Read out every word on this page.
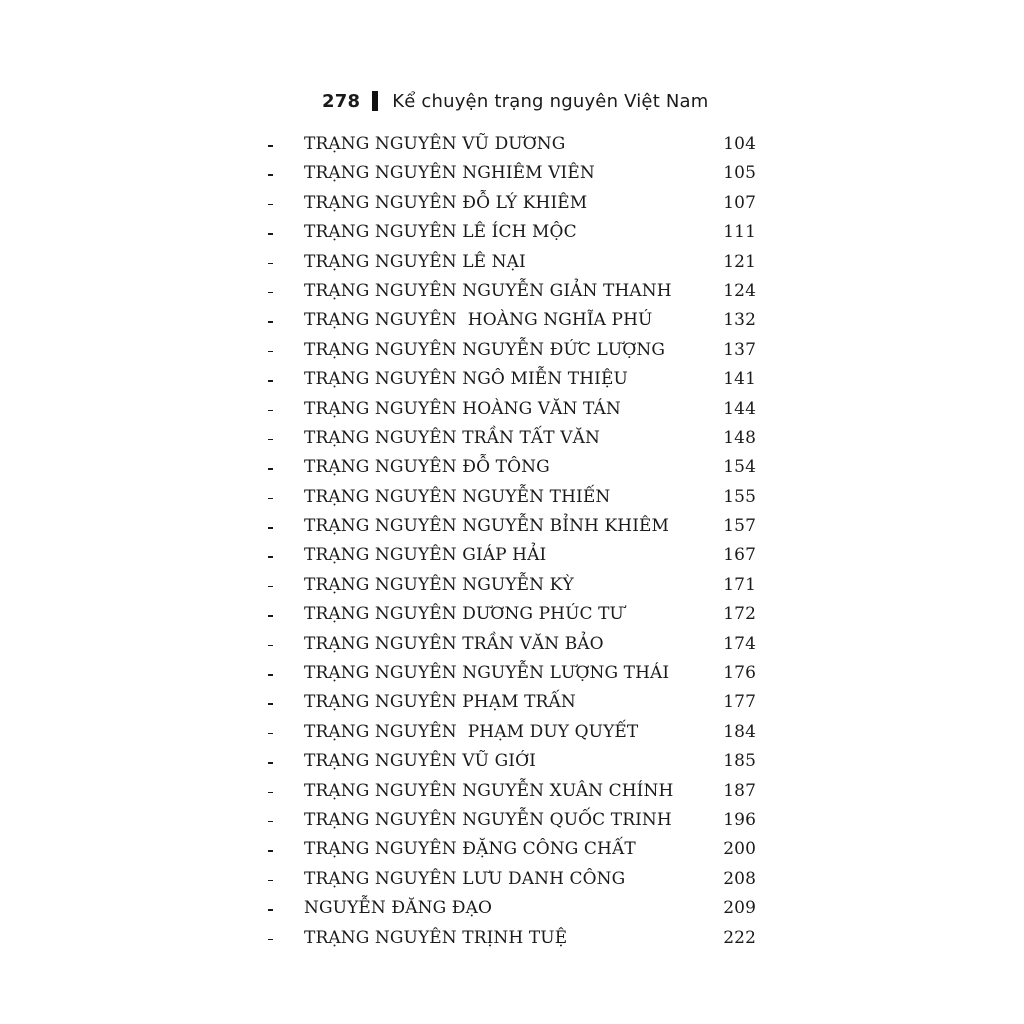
278 Kể chuyện trạng nguyên Việt Nam
TRẠNG NGUYÊN VŨ DƯƠNG	104
TRẠNG NGUYÊN NGHIÊM VIÊN	105
TRẠNG NGUYÊN ĐỖ LÝ KHIÊM	107
TRẠNG NGUYÊN LÊ ÍCH MỘC	111
TRẠNG NGUYÊN LÊ NẠI	121
TRẠNG NGUYÊN NGUYỄN GIẢN THANH	124
TRẠNG NGUYÊN  HOÀNG NGHĨA PHÚ	132
TRẠNG NGUYÊN NGUYỄN ĐỨC LƯỢNG	137
TRẠNG NGUYÊN NGÔ MIỄN THIỆU	141
TRẠNG NGUYÊN HOÀNG VĂN TÁN	144
TRẠNG NGUYÊN TRẦN TẤT VĂN	148
TRẠNG NGUYÊN ĐỖ TÔNG	154
TRẠNG NGUYÊN NGUYỄN THIẾN	155
TRẠNG NGUYÊN NGUYỄN BỈNH KHIÊM	157
TRẠNG NGUYÊN GIÁP HẢI	167
TRẠNG NGUYÊN NGUYỄN KỲ	171
TRẠNG NGUYÊN DƯƠNG PHÚC TƯ	172
TRẠNG NGUYÊN TRẦN VĂN BẢO	174
TRẠNG NGUYÊN NGUYỄN LƯỢNG THÁI	176
TRẠNG NGUYÊN PHẠM TRẤN	177
TRẠNG NGUYÊN  PHẠM DUY QUYẾT	184
TRẠNG NGUYÊN VŨ GIỚI	185
TRẠNG NGUYÊN NGUYỄN XUÂN CHÍNH	187
TRẠNG NGUYÊN NGUYỄN QUỐC TRINH	196
TRẠNG NGUYÊN ĐẶNG CÔNG CHẤT	200
TRẠNG NGUYÊN LƯU DANH CÔNG	208
NGUYỄN ĐĂNG ĐẠO	209
TRẠNG NGUYÊN TRỊNH TUỆ	222
